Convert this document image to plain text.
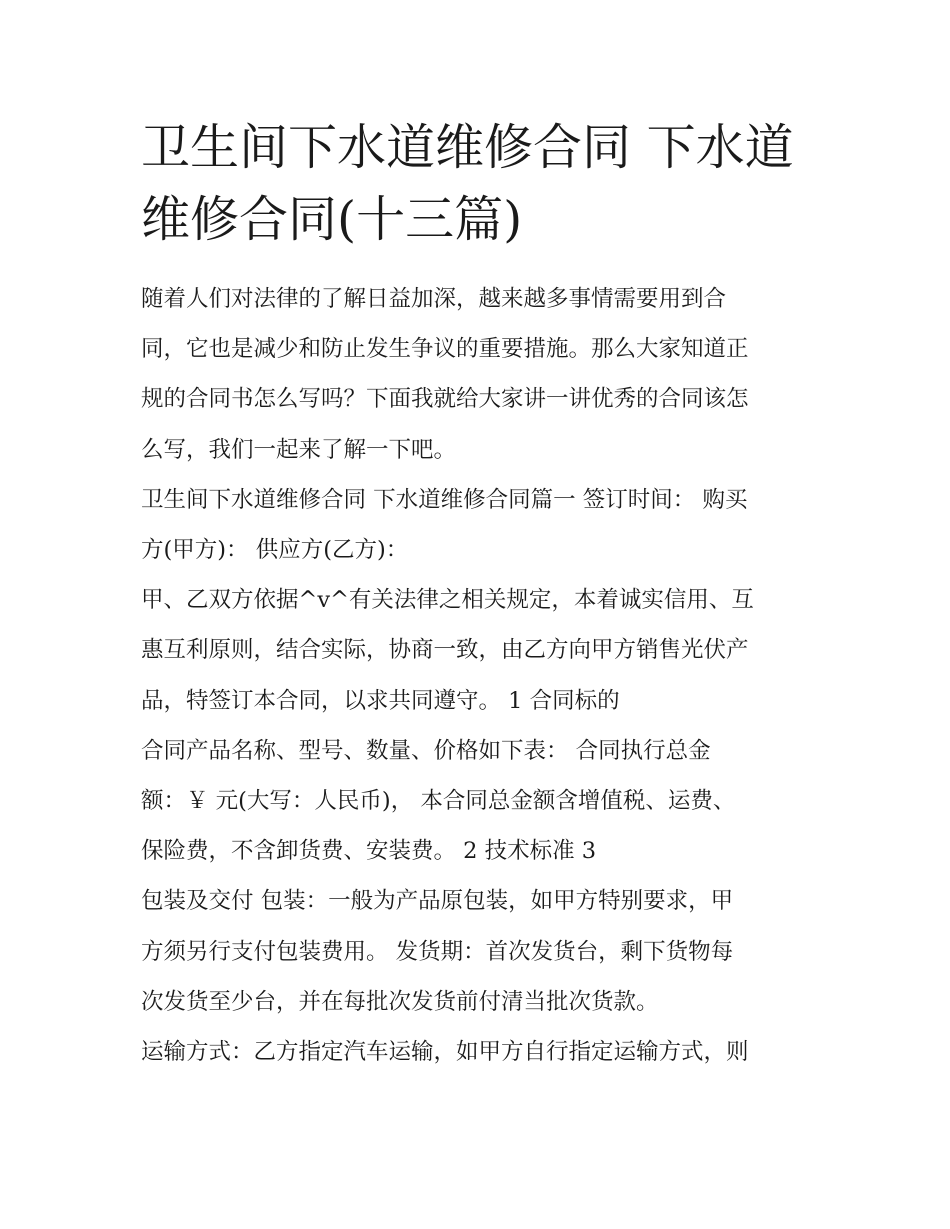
卫生间下水道维修合同 下水道
维修合同(十三篇)

随着人们对法律的了解日益加深，越来越多事情需要用到合

同，它也是减少和防止发生争议的重要措施。那么大家知道正

规的合同书怎么写吗？下面我就给大家讲一讲优秀的合同该怎

么写，我们一起来了解一下吧。

卫生间下水道维修合同 下水道维修合同篇一 签订时间： 购买

方(甲方)： 供应方(乙方)：

甲、乙双方依据^v^有关法律之相关规定，本着诚实信用、互

惠互利原则，结合实际，协商一致，由乙方向甲方销售光伏产

品，特签订本合同，以求共同遵守。 1 合同标的

合同产品名称、型号、数量、价格如下表： 合同执行总金

额：￥ 元(大写：人民币)， 本合同总金额含增值税、运费、

保险费，不含卸货费、安装费。 2 技术标准 3

包装及交付 包装：一般为产品原包装，如甲方特别要求，甲

方须另行支付包装费用。 发货期：首次发货台，剩下货物每

次发货至少台，并在每批次发货前付清当批次货款。

运输方式：乙方指定汽车运输，如甲方自行指定运输方式，则
